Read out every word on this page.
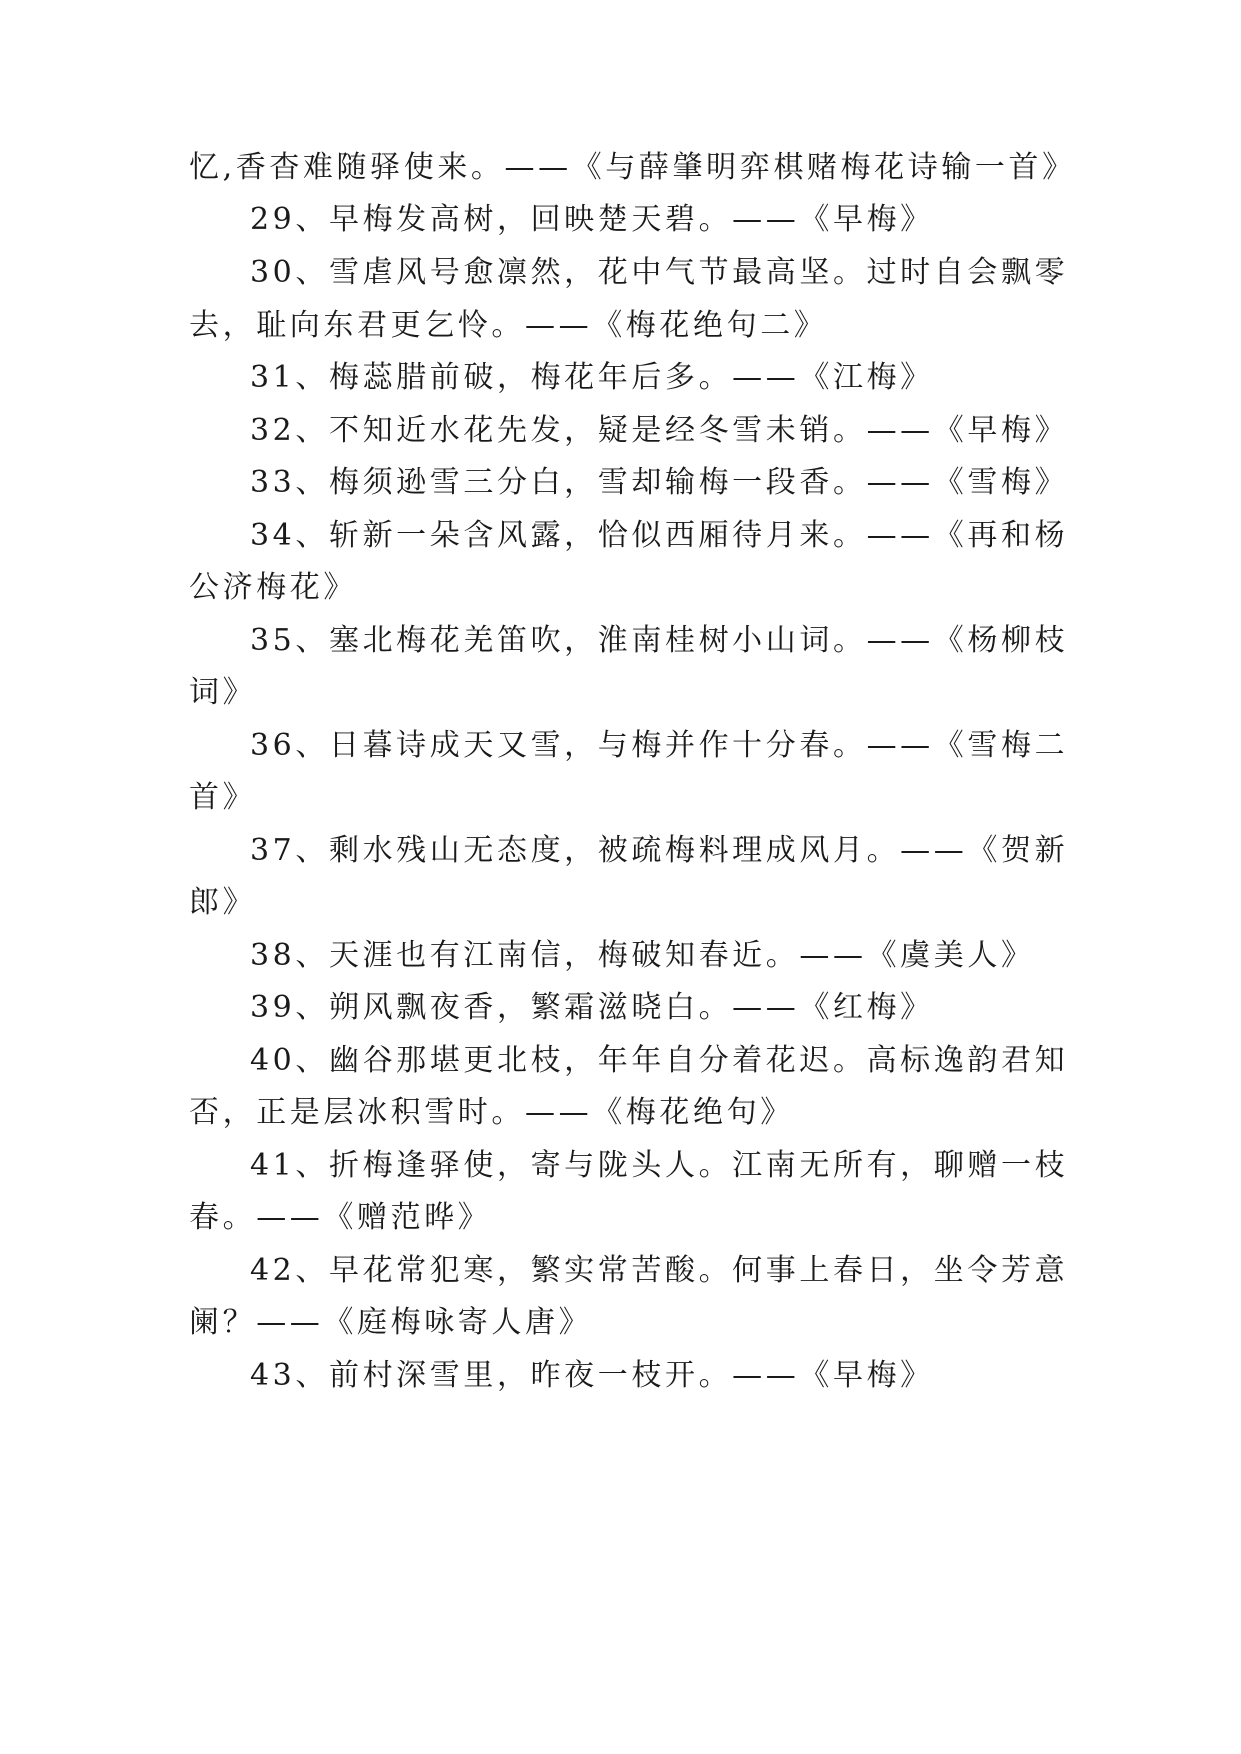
忆,香杳难随驿使来。——《与薛肇明弈棋赌梅花诗输一首》
29、早梅发高树，回映楚天碧。——《早梅》
30、雪虐风号愈凛然，花中气节最高坚。过时自会飘零
去，耻向东君更乞怜。——《梅花绝句二》
31、梅蕊腊前破，梅花年后多。——《江梅》
32、不知近水花先发，疑是经冬雪未销。——《早梅》
33、梅须逊雪三分白，雪却输梅一段香。——《雪梅》
34、斩新一朵含风露，恰似西厢待月来。——《再和杨
公济梅花》
35、塞北梅花羌笛吹，淮南桂树小山词。——《杨柳枝
词》
36、日暮诗成天又雪，与梅并作十分春。——《雪梅二
首》
37、剩水残山无态度，被疏梅料理成风月。——《贺新
郎》
38、天涯也有江南信，梅破知春近。——《虞美人》
39、朔风飘夜香，繁霜滋晓白。——《红梅》
40、幽谷那堪更北枝，年年自分着花迟。高标逸韵君知
否，正是层冰积雪时。——《梅花绝句》
41、折梅逢驿使，寄与陇头人。江南无所有，聊赠一枝
春。——《赠范晔》
42、早花常犯寒，繁实常苦酸。何事上春日，坐令芳意
阑？——《庭梅咏寄人唐》
43、前村深雪里，昨夜一枝开。——《早梅》
